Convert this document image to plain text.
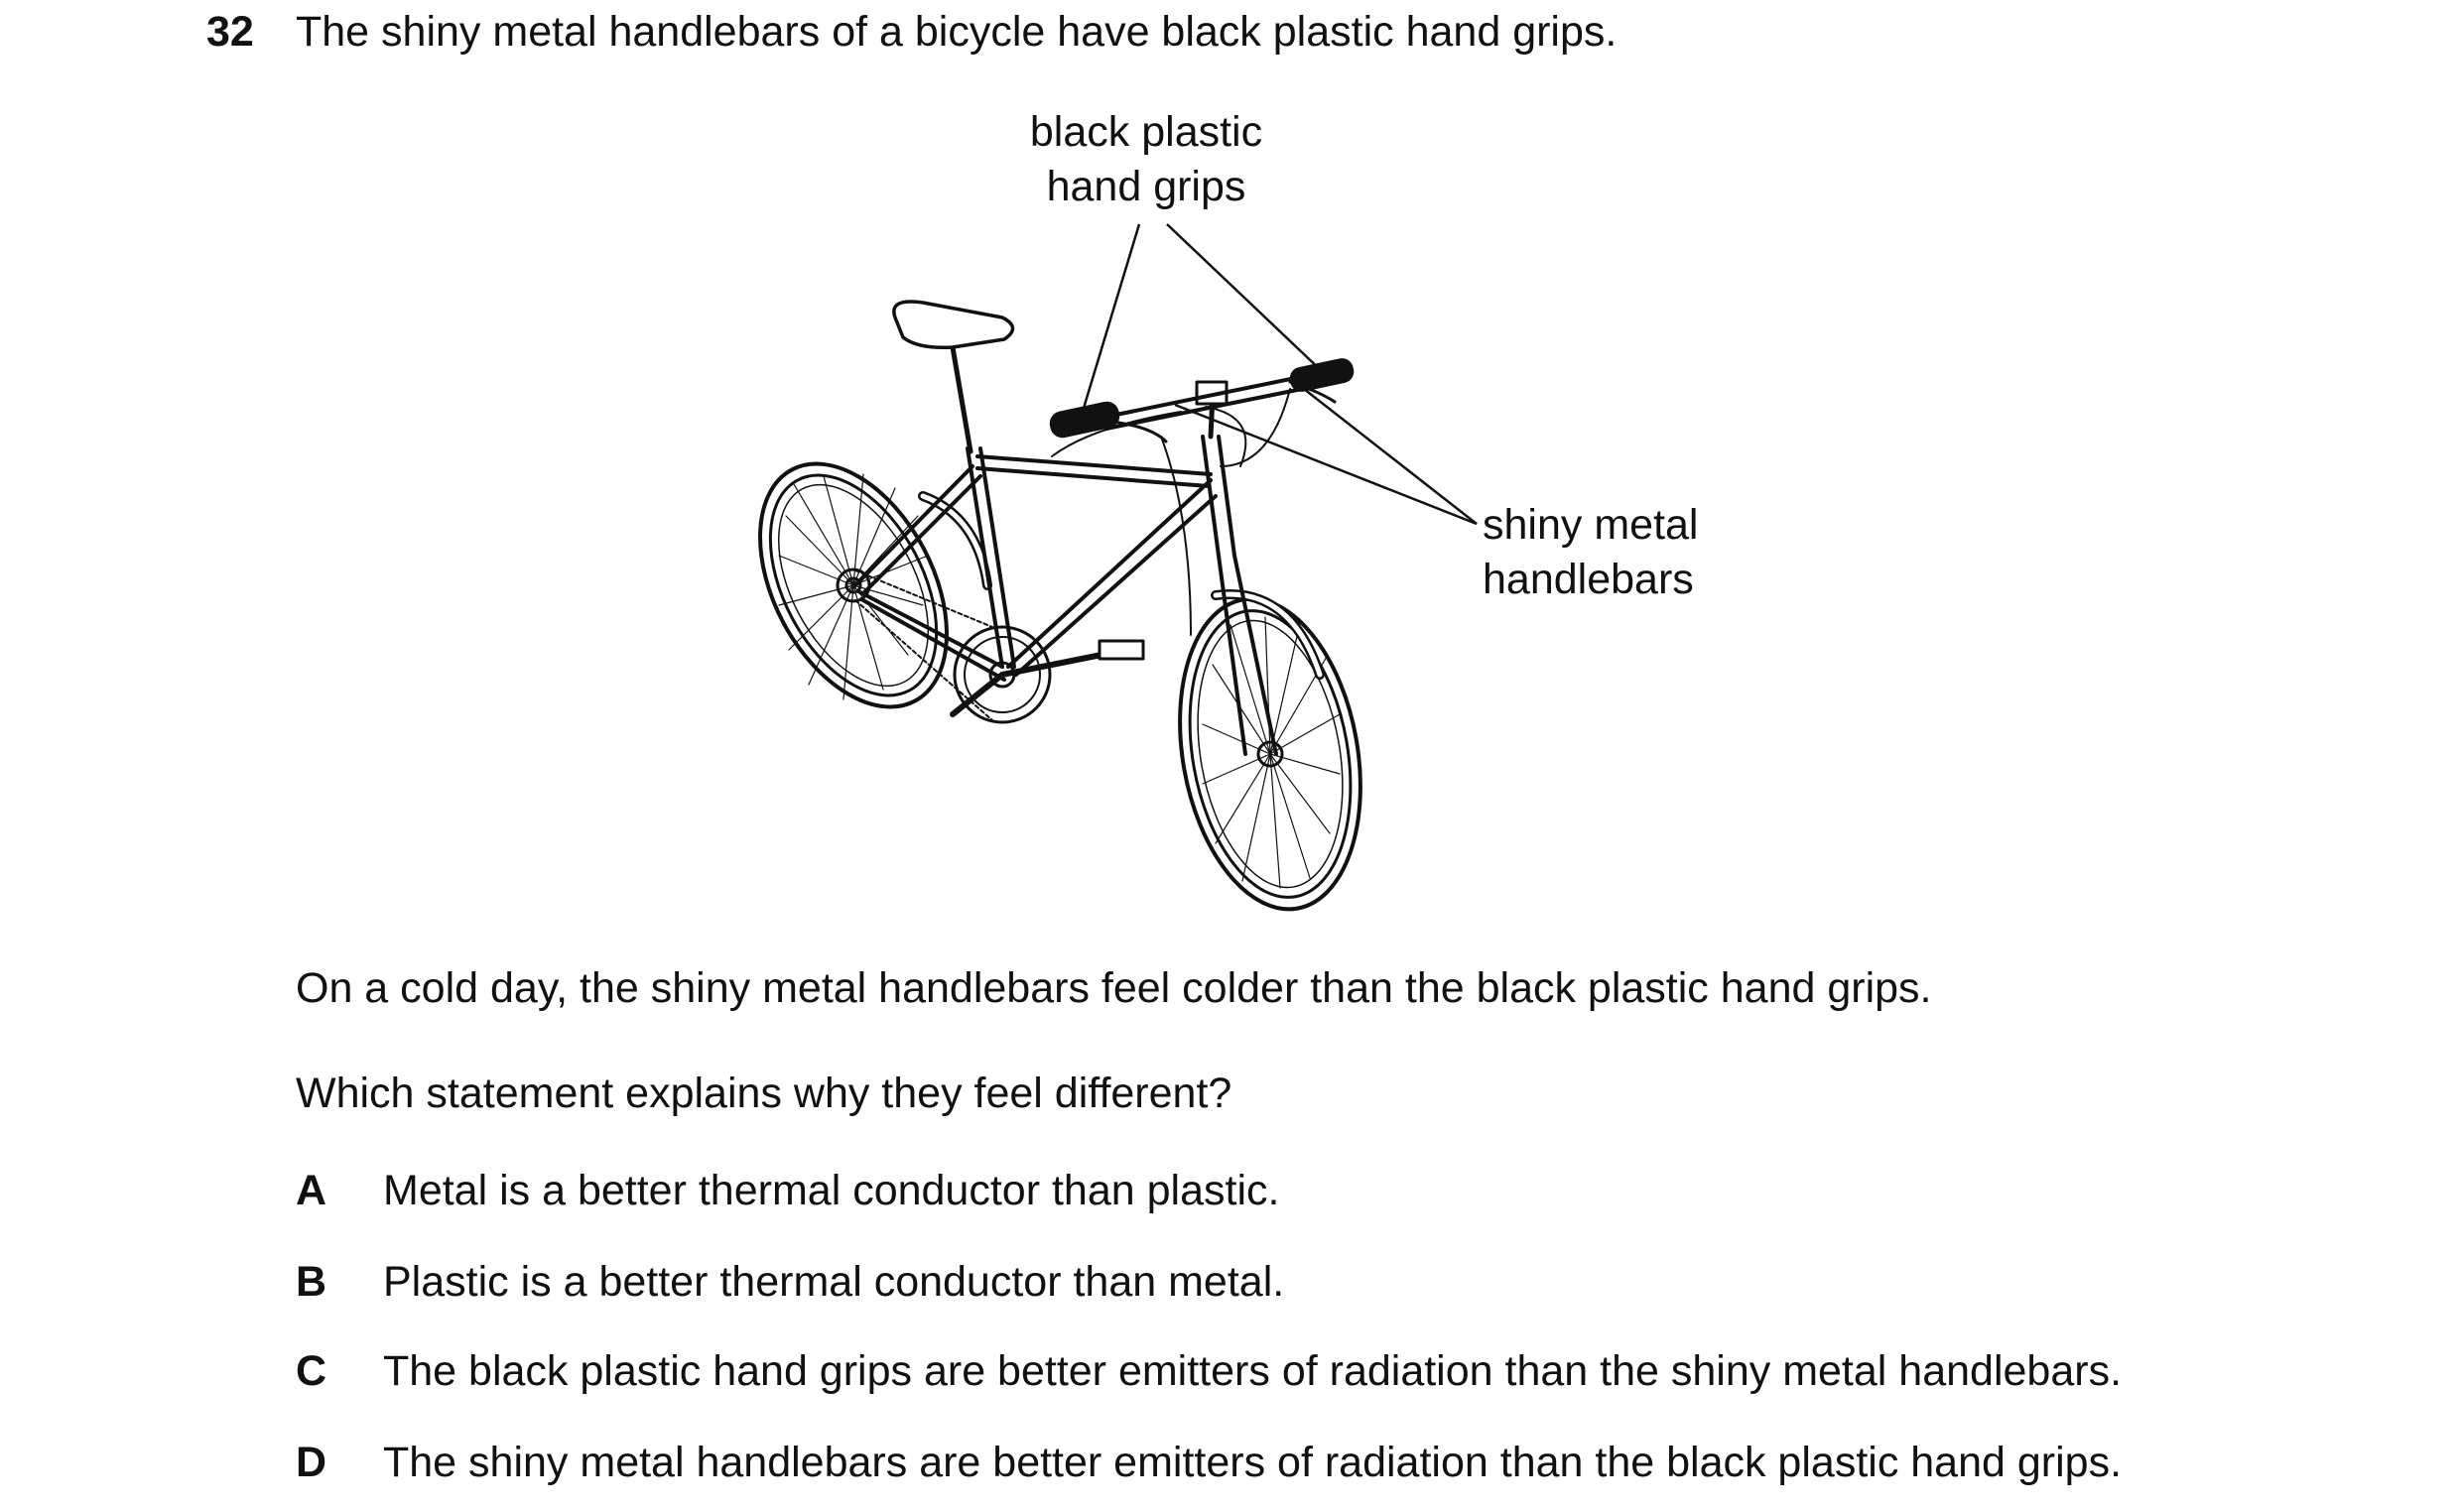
32 The shiny metal handlebars of a bicycle have black plastic hand grips.
black plastic
hand grips
shiny metal
handlebars
On a cold day, the shiny metal handlebars feel colder than the black plastic hand grips.
Which statement explains why they feel different?
A Metal is a better thermal conductor than plastic.
B Plastic is a better thermal conductor than metal.
C The black plastic hand grips are better emitters of radiation than the shiny metal handlebars.
D The shiny metal handlebars are better emitters of radiation than the black plastic hand grips.
